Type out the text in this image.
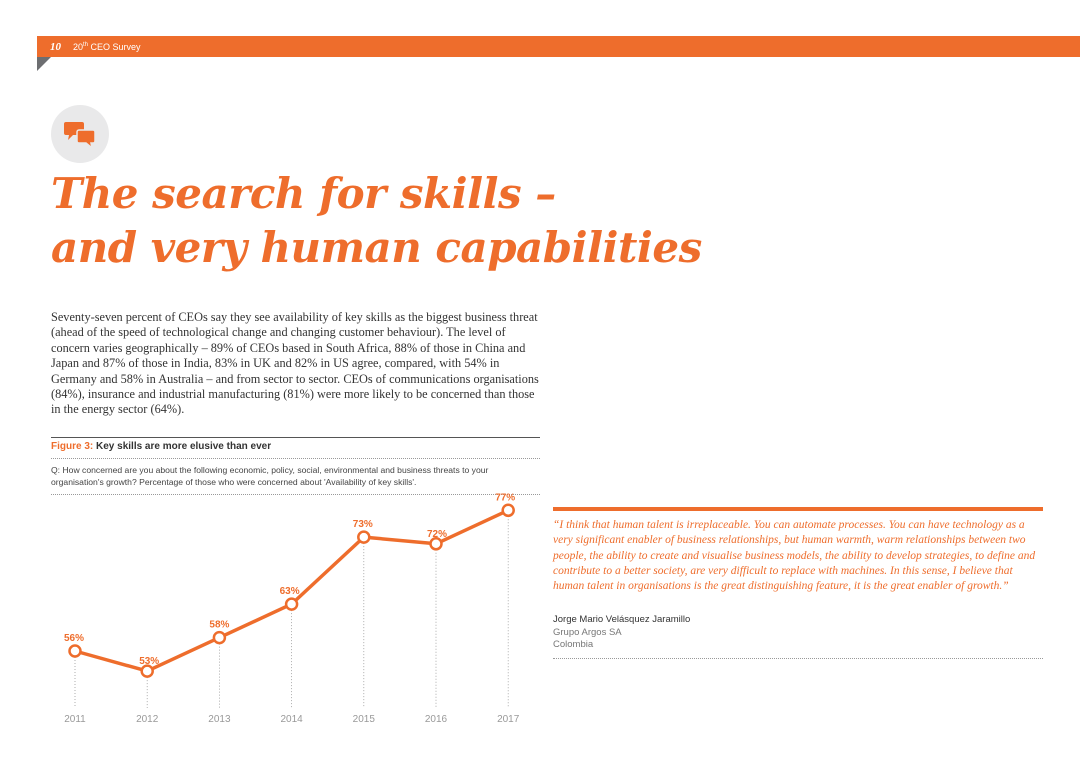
10 20th CEO Survey
The search for skills –
and very human capabilities

Seventy-seven percent of CEOs say they see availability of key skills as the biggest business threat (ahead of the speed of technological change and changing customer behaviour). The level of concern varies geographically – 89% of CEOs based in South Africa, 88% of those in China and Japan and 87% of those in India, 83% in UK and 82% in US agree, compared, with 54% in Germany and 58% in Australia – and from sector to sector. CEOs of communications organisations (84%), insurance and industrial manufacturing (81%) were more likely to be concerned than those in the energy sector (64%).

Figure 3: Key skills are more elusive than ever

Q: How concerned are you about the following economic, policy, social, environmental and business threats to your organisation's growth? Percentage of those who were concerned about 'Availability of key skills'.

56%
53%
58%
63%
73%
72%
77%
2011	2012	2013	2014	2015	2016	2017

“I think that human talent is irreplaceable. You can automate processes. You can have technology as a very significant enabler of business relationships, but human warmth, warm relationships between two people, the ability to create and visualise business models, the ability to develop strategies, to define and contribute to a better society, are very difficult to replace with machines. In this sense, I believe that human talent in organisations is the great distinguishing feature, it is the great enabler of growth.”

Jorge Mario Velásquez Jaramillo
Grupo Argos SA
Colombia
